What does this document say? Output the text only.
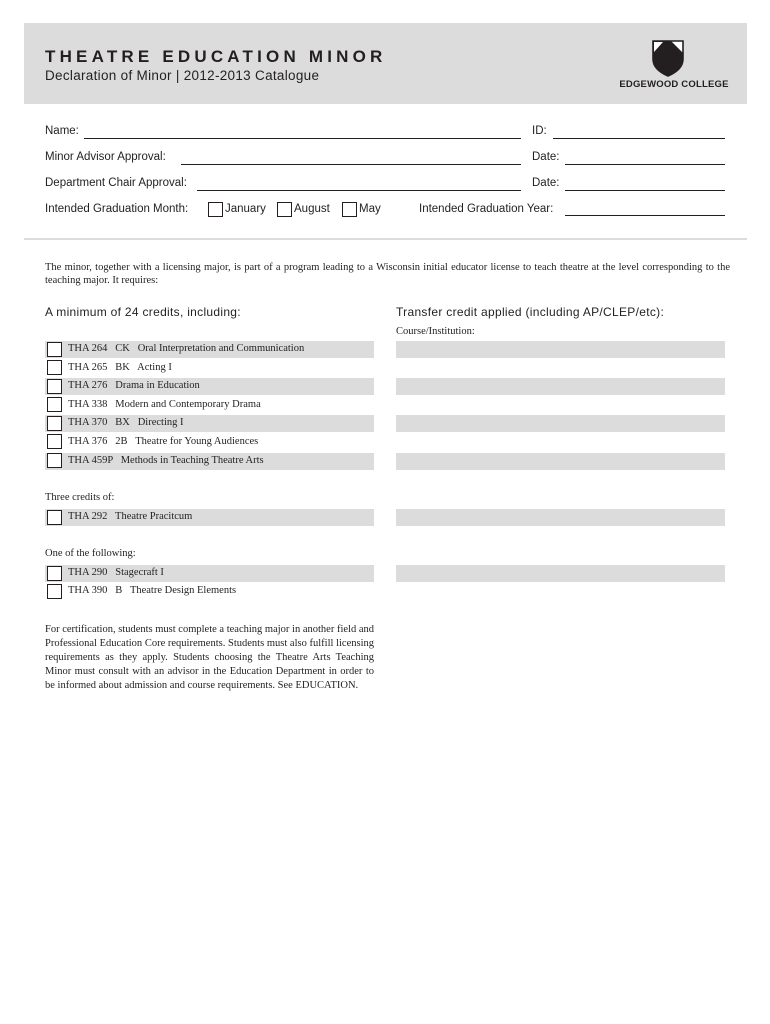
THEATRE EDUCATION MINOR
Declaration of Minor | 2012-2013 Catalogue
EDGEWOOD COLLEGE
Name:	ID:
Minor Advisor Approval:	Date:
Department Chair Approval:	Date:
Intended Graduation Month:	January August	May	Intended Graduation Year:
The minor, together with a licensing major, is part of a program leading to a Wisconsin initial educator license to teach theatre at the level corresponding to the teaching major. It requires:
A minimum of 24 credits, including:	Transfer credit applied (including AP/CLEP/etc):
Course/Institution:
THA 264   CK   Oral Interpretation and Communication
THA 265   BK   Acting I
THA 276   Drama in Education
THA 338   Modern and Contemporary Drama
THA 370   BX   Directing I
THA 376   2B   Theatre for Young Audiences
THA 459P   Methods in Teaching Theatre Arts
Three credits of:
THA 292   Theatre Pracitcum
One of the following:
THA 290   Stagecraft I
THA 390   B   Theatre Design Elements
For certification, students must complete a teaching major in another field and Professional Education Core requirements. Students must also fulfill licensing requirements as they apply. Students choosing the Theatre Arts Teaching Minor must consult with an advisor in the Education Department in order to be informed about admission and course requirements. See EDUCATION.
